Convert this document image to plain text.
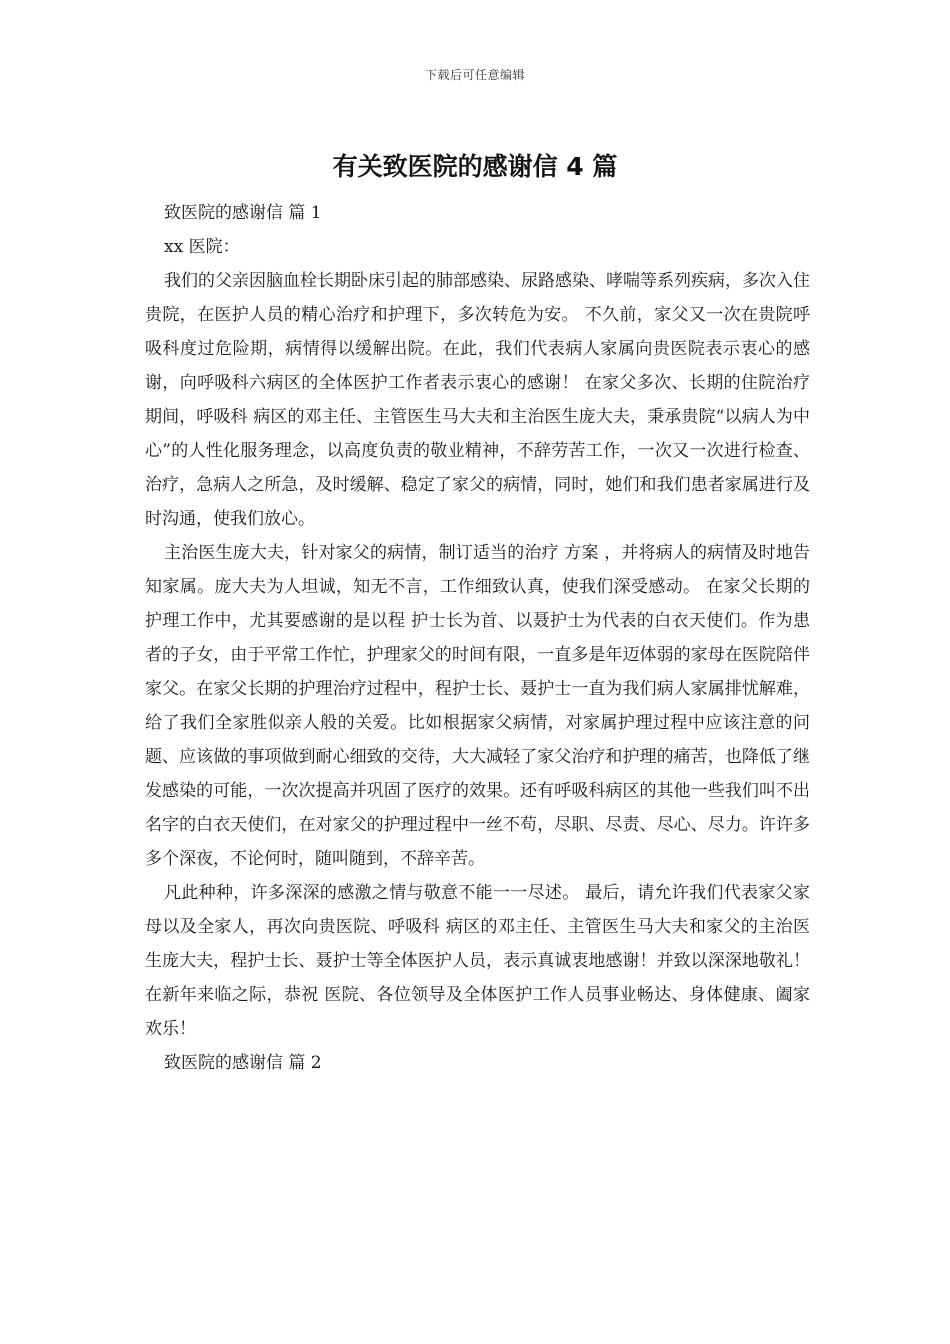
下载后可任意编辑
有关致医院的感谢信 4 篇

致医院的感谢信 篇 1

xx 医院：

我们的父亲因脑血栓长期卧床引起的肺部感染、尿路感染、哮喘等系列疾病，多次入住贵院，在医护人员的精心治疗和护理下，多次转危为安。 不久前，家父又一次在贵院呼吸科度过危险期，病情得以缓解出院。在此，我们代表病人家属向贵医院表示衷心的感谢，向呼吸科六病区的全体医护工作者表示衷心的感谢！ 在家父多次、长期的住院治疗期间，呼吸科 病区的邓主任、主管医生马大夫和主治医生庞大夫，秉承贵院“以病人为中心”的人性化服务理念，以高度负责的敬业精神，不辞劳苦工作，一次又一次进行检查、治疗，急病人之所急，及时缓解、稳定了家父的病情，同时，她们和我们患者家属进行及时沟通，使我们放心。

主治医生庞大夫，针对家父的病情，制订适当的治疗 方案 ，并将病人的病情及时地告知家属。庞大夫为人坦诚，知无不言，工作细致认真，使我们深受感动。 在家父长期的护理工作中，尤其要感谢的是以程 护士长为首、以聂护士为代表的白衣天使们。作为患者的子女，由于平常工作忙，护理家父的时间有限，一直多是年迈体弱的家母在医院陪伴家父。在家父长期的护理治疗过程中，程护士长、聂护士一直为我们病人家属排忧解难，给了我们全家胜似亲人般的关爱。比如根据家父病情，对家属护理过程中应该注意的问题、应该做的事项做到耐心细致的交待，大大减轻了家父治疗和护理的痛苦，也降低了继发感染的可能，一次次提高并巩固了医疗的效果。还有呼吸科病区的其他一些我们叫不出名字的白衣天使们，在对家父的护理过程中一丝不苟，尽职、尽责、尽心、尽力。许许多多个深夜，不论何时，随叫随到，不辞辛苦。

凡此种种，许多深深的感激之情与敬意不能一一尽述。 最后，请允许我们代表家父家母以及全家人，再次向贵医院、呼吸科 病区的邓主任、主管医生马大夫和家父的主治医生庞大夫，程护士长、聂护士等全体医护人员，表示真诚衷地感谢！并致以深深地敬礼！ 在新年来临之际，恭祝 医院、各位领导及全体医护工作人员事业畅达、身体健康、阖家欢乐！

致医院的感谢信 篇 2
